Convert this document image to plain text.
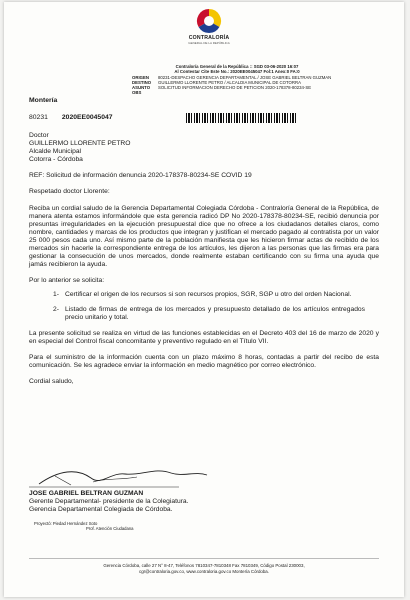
CONTRALORÍA
GENERAL DE LA REPÚBLICA
Contraloría General de la República :: SGD 03-06-2020 16:07
Al Contestar Cite Este No.: 2020EE0045047 Fol:1 Anex:0 FA:0
ORIGEN	80231-DESPACHO GERENCIA DEPARTAMENTAL / JOSE GABRIEL BELTRAN GUZMAN
DESTINO	GUILLERMO LLORENTE PETRO / ALCALDIA MUNICIPAL DE COTORRA
ASUNTO	SOLICITUD INFORMACION DERECHO DE PETICION 2020-178378-80234-SE
OBS
Montería
80231 2020EE0045047

Doctor

GUILLERMO LLORENTE PETRO

Alcalde Municipal

Cotorra - Córdoba

REF: Solicitud de información denuncia 2020-178378-80234-SE COVID 19

Respetado doctor Llorente:

Reciba un cordial saludo de la Gerencia Departamental Colegiada Córdoba - Contraloría General de la República, de manera atenta estamos informándole que esta gerencia radicó DP No 2020-178378-80234-SE, recibió denuncia por presuntas irregularidades en la ejecución presupuestal dice que no ofrece a los ciudadanos detalles claros, como nombre, cantidades y marcas de los productos que integran y justifican el mercado pagado al contratista por un valor 25 000 pesos cada uno. Así mismo parte de la población manifiesta que les hicieron firmar actas de recibido de los mercados sin hacerle la correspondiente entrega de los artículos, les dijeron a las personas que las firmas era para gestionar la consecución de unos mercados, donde realmente estaban certificando con su firma una ayuda que jamás recibieron la ayuda.

Por lo anterior se solicita:

1- Certificar el origen de los recursos si son recursos propios, SGR, SGP u otro del orden Nacional.
2- Listado de firmas de entrega de los mercados y presupuesto detallado de los artículos entregados precio unitario y total.

La presente solicitud se realiza en virtud de las funciones establecidas en el Decreto 403 del 16 de marzo de 2020 y en especial del Control fiscal concomitante y preventivo regulado en el Título VII.

Para el suministro de la información cuenta con un plazo máximo 8 horas, contadas a partir del recibo de esta comunicación. Se les agradece enviar la información en medio magnético por correo electrónico.

Cordial saludo,

JOSE GABRIEL BELTRAN GUZMAN
Gerente Departamental- presidente de la Colegiatura.
Gerencia Departamental Colegiada de Córdoba.
Proyectó: Piedad Hernández Soto
Prof. Atención Ciudadana
Gerencia Córdoba, calle 27 N° 8-47, Teléfonos 7810347-7810348 Fax 7810349, Código Postal 230003,
cgr@contraloria.gov.co, www.contraloria.gov.co Montería Córdoba.
